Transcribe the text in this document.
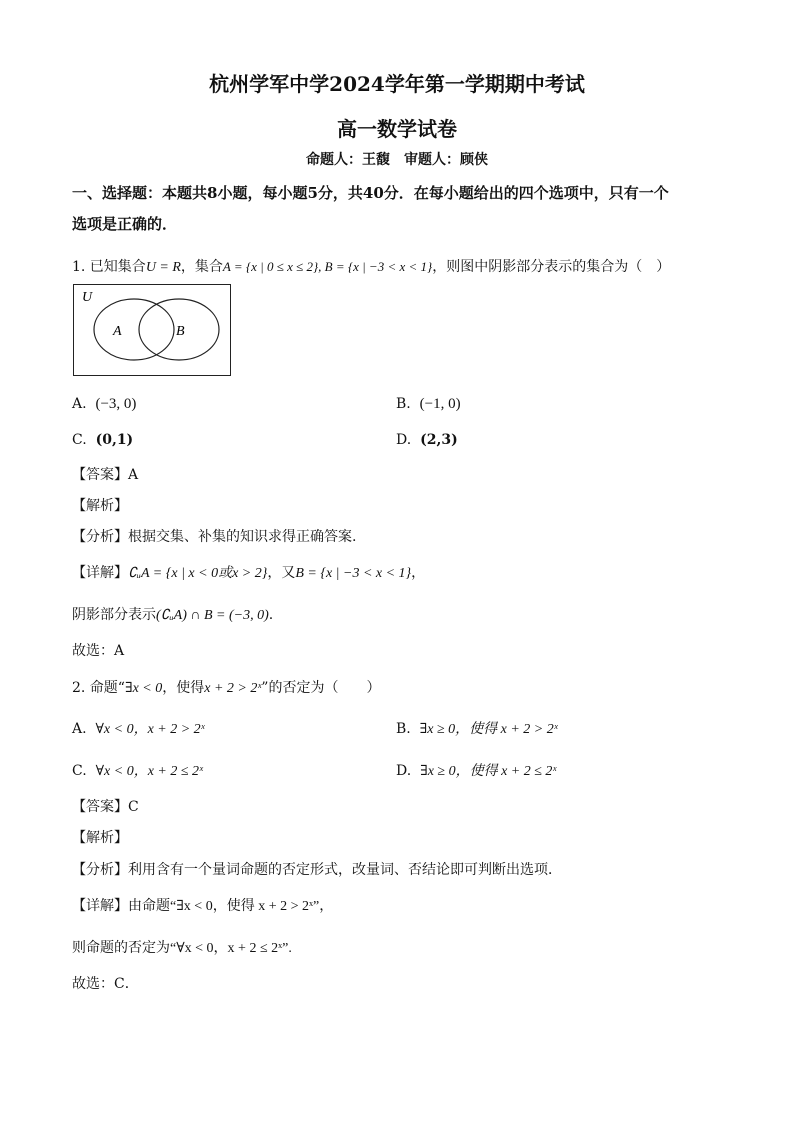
杭州学军中学2024学年第一学期期中考试
高一数学试卷
命题人：王馥　审题人：顾侠
一、选择题：本题共8小题，每小题5分，共40分．在每小题给出的四个选项中，只有一个
选项是正确的．
1. 已知集合U = R，集合A = {x | 0 ≤ x ≤ 2}, B = {x | −3 < x < 1}，则图中阴影部分表示的集合为（　）
U
A	B
A. (−3, 0)	B. (−1, 0)
C. (0,1)	D. (2,3)
【答案】A
【解析】
【分析】根据交集、补集的知识求得正确答案.
【详解】∁ᵤA = {x | x < 0或x > 2}，又B = {x | −3 < x < 1}，
阴影部分表示(∁ᵤA) ∩ B = (−3, 0).
故选：A
2. 命题“∃x < 0，使得x + 2 > 2ˣ”的否定为（　　）
A. ∀x < 0，x + 2 > 2ˣ	B. ∃x ≥ 0，使得 x + 2 > 2ˣ
C. ∀x < 0，x + 2 ≤ 2ˣ	D. ∃x ≥ 0，使得 x + 2 ≤ 2ˣ
【答案】C
【解析】
【分析】利用含有一个量词命题的否定形式，改量词、否结论即可判断出选项．
【详解】由命题“∃x < 0，使得 x + 2 > 2ˣ”，
则命题的否定为“∀x < 0，x + 2 ≤ 2ˣ”.
故选：C．
